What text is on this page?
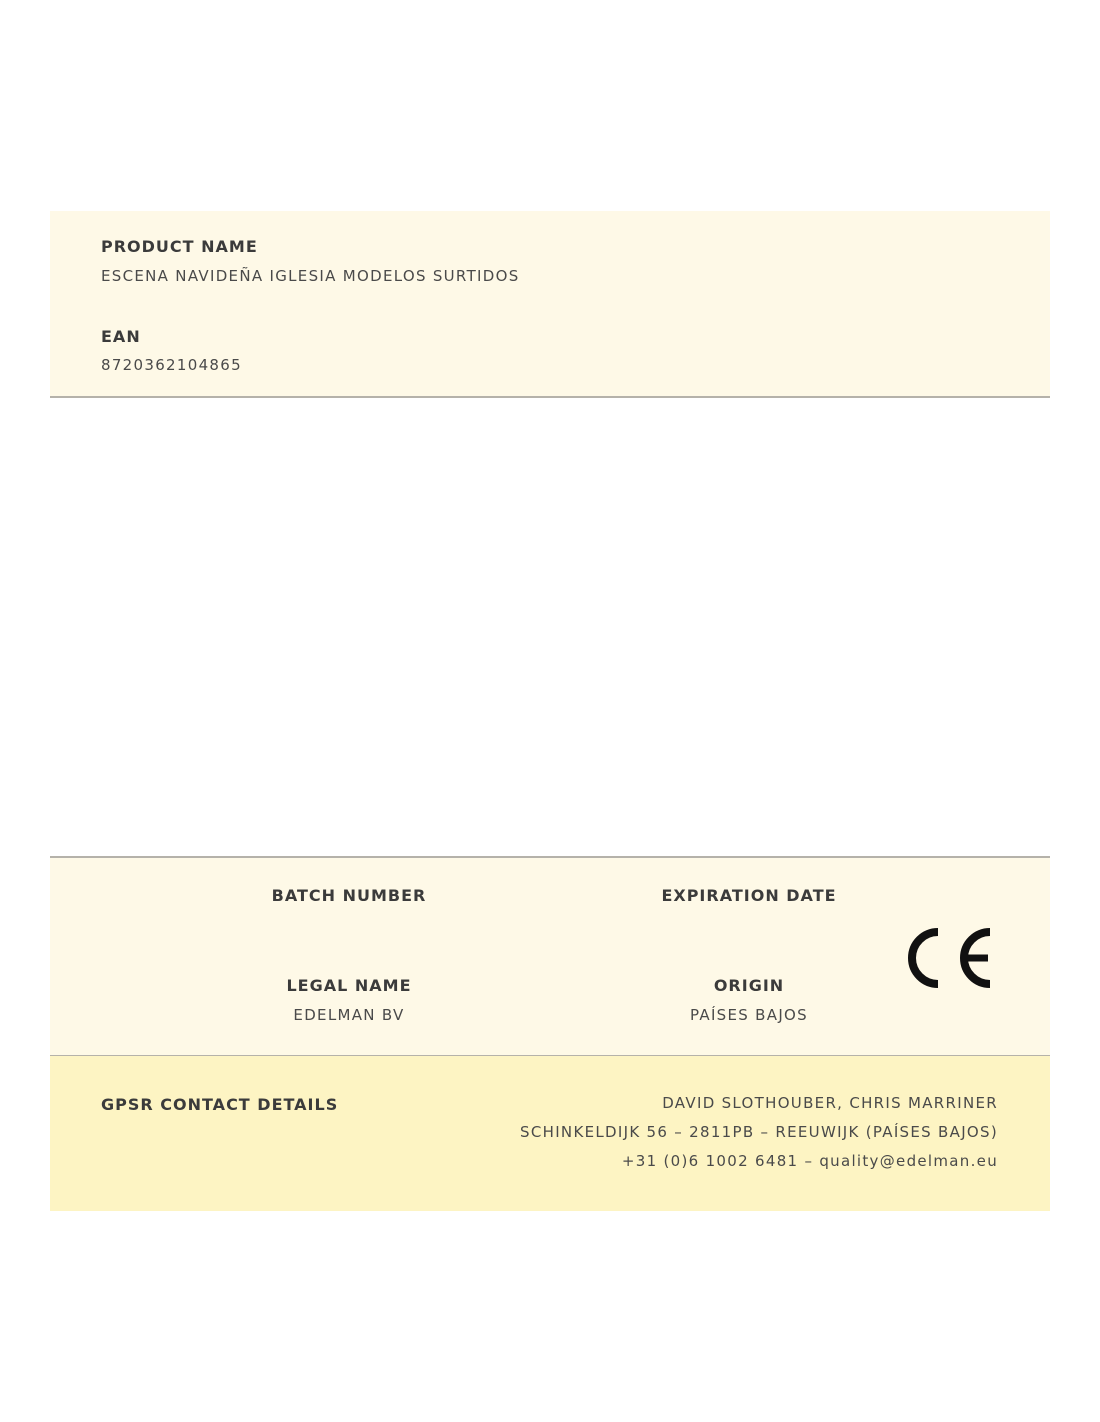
PRODUCT NAME
ESCENA NAVIDEÑA IGLESIA MODELOS SURTIDOS
EAN
8720362104865
BATCH NUMBER	EXPIRATION DATE
LEGAL NAME
EDELMAN BV
ORIGIN
PAÍSES BAJOS
GPSR CONTACT DETAILS	DAVID SLOTHOUBER, CHRIS MARRINER
SCHINKELDIJK 56 – 2811PB – REEUWIJK (PAÍSES BAJOS)
+31 (0)6 1002 6481 – quality@edelman.eu
